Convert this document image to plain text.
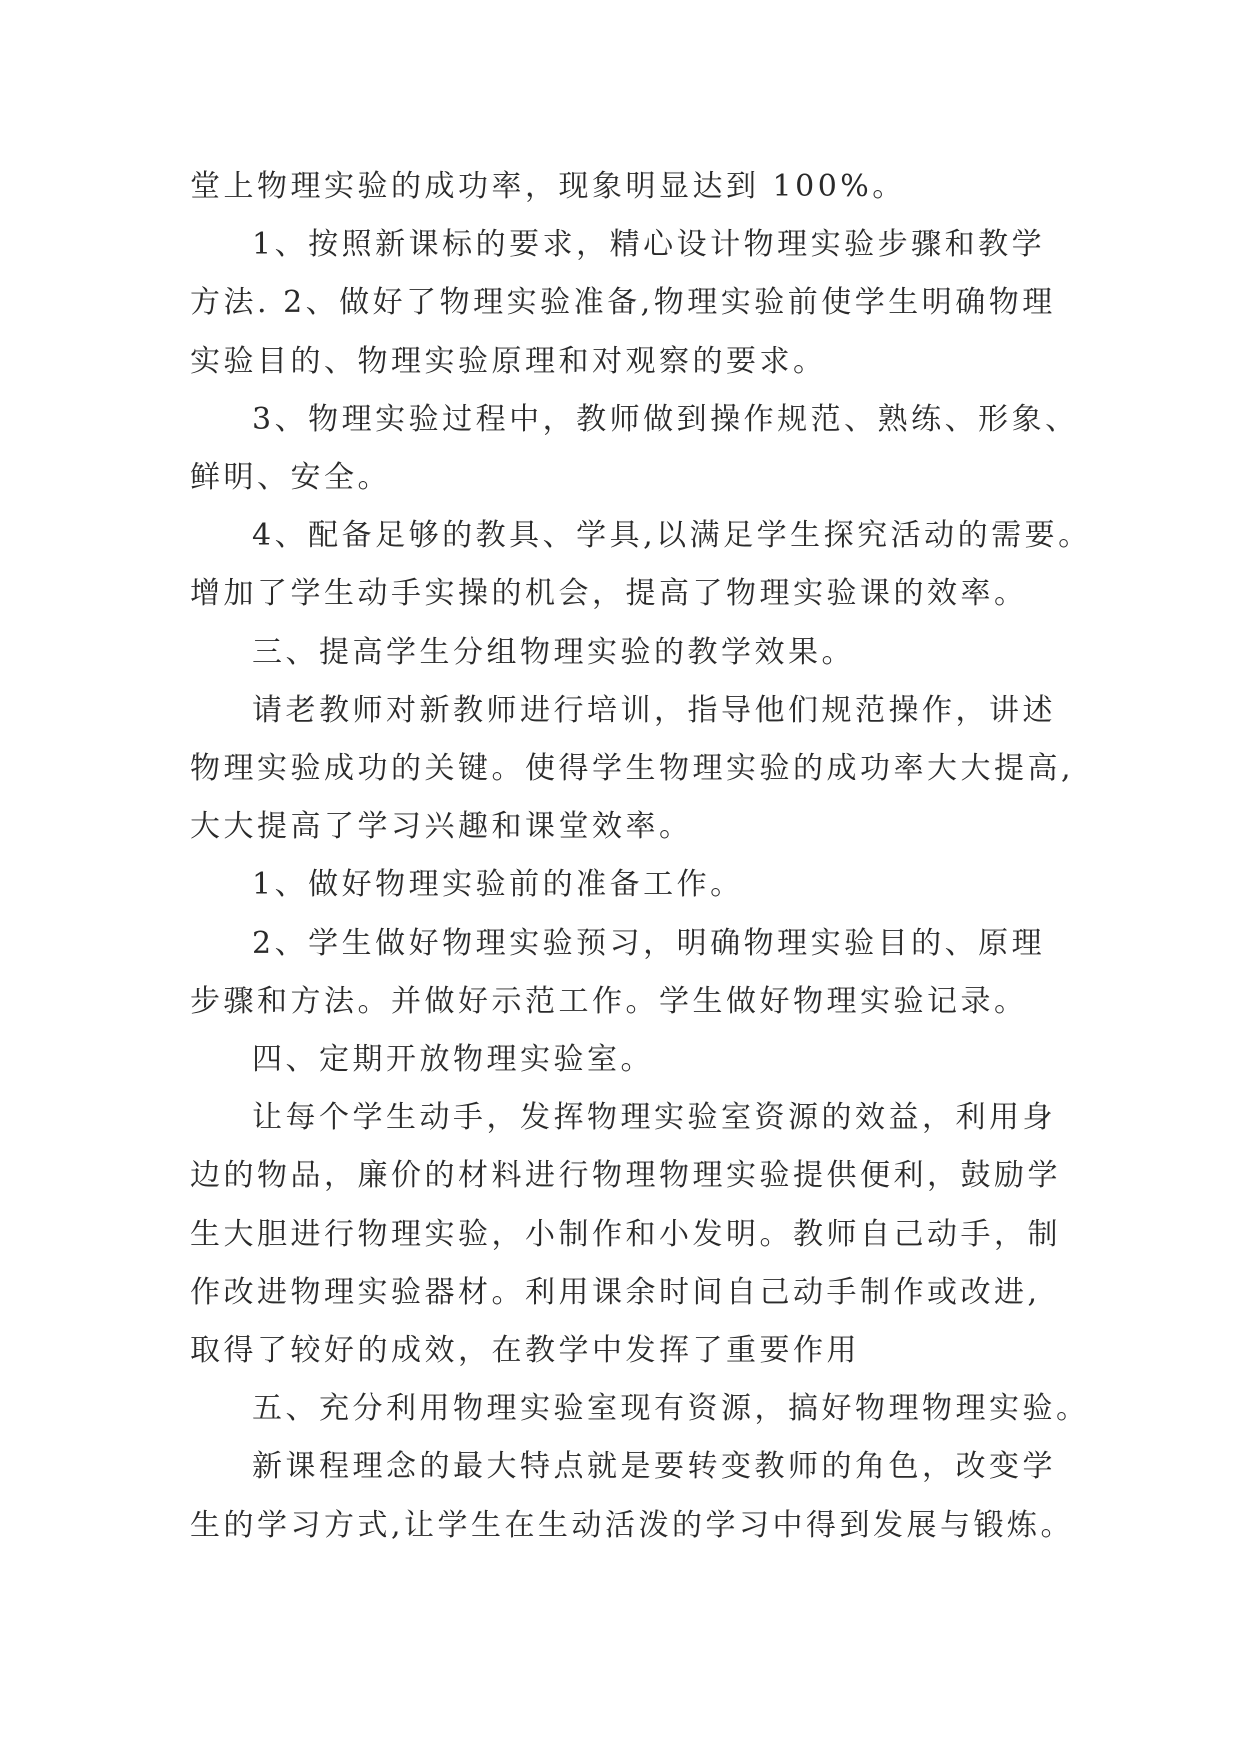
堂上物理实验的成功率，现象明显达到 100%。

1、按照新课标的要求，精心设计物理实验步骤和教学

方法. 2、做好了物理实验准备,物理实验前使学生明确物理

实验目的、物理实验原理和对观察的要求。

3、物理实验过程中，教师做到操作规范、熟练、形象、

鲜明、安全。

4、配备足够的教具、学具,以满足学生探究活动的需要。

增加了学生动手实操的机会，提高了物理实验课的效率。

三、提高学生分组物理实验的教学效果。

请老教师对新教师进行培训，指导他们规范操作，讲述

物理实验成功的关键。使得学生物理实验的成功率大大提高,

大大提高了学习兴趣和课堂效率。

1、做好物理实验前的准备工作。

2、学生做好物理实验预习，明确物理实验目的、原理

步骤和方法。并做好示范工作。学生做好物理实验记录。

四、定期开放物理实验室。

让每个学生动手，发挥物理实验室资源的效益，利用身

边的物品，廉价的材料进行物理物理实验提供便利，鼓励学

生大胆进行物理实验，小制作和小发明。教师自己动手，制

作改进物理实验器材。利用课余时间自己动手制作或改进,

取得了较好的成效，在教学中发挥了重要作用

五、充分利用物理实验室现有资源，搞好物理物理实验。

新课程理念的最大特点就是要转变教师的角色，改变学

生的学习方式,让学生在生动活泼的学习中得到发展与锻炼。
